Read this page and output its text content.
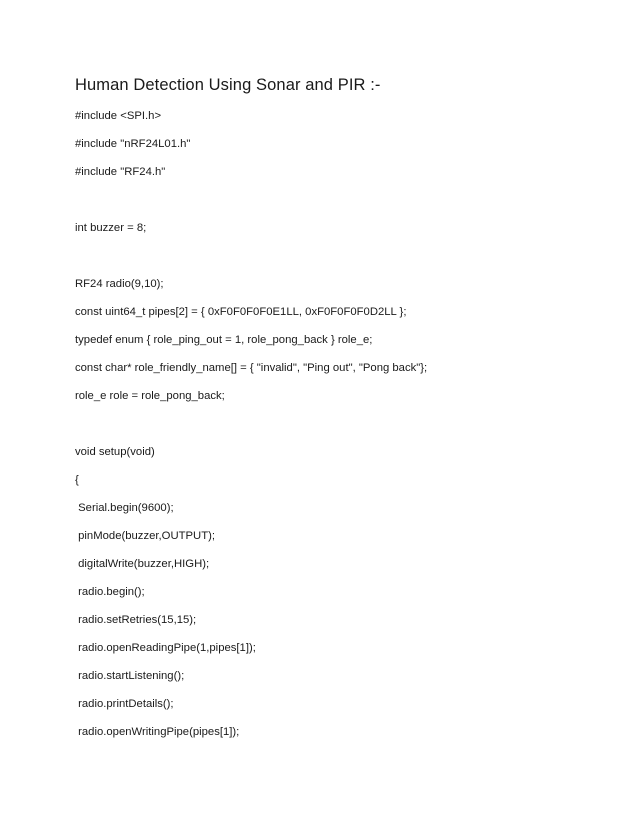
Human Detection Using Sonar and PIR :-
#include <SPI.h>
#include "nRF24L01.h"
#include "RF24.h"
int buzzer = 8;
RF24 radio(9,10);
const uint64_t pipes[2] = { 0xF0F0F0F0E1LL, 0xF0F0F0F0D2LL };
typedef enum { role_ping_out = 1, role_pong_back } role_e;
const char* role_friendly_name[] = { "invalid", "Ping out", "Pong back"};
role_e role = role_pong_back;
void setup(void)
{
Serial.begin(9600);
pinMode(buzzer,OUTPUT);
digitalWrite(buzzer,HIGH);
radio.begin();
radio.setRetries(15,15);
radio.openReadingPipe(1,pipes[1]);
radio.startListening();
radio.printDetails();
radio.openWritingPipe(pipes[1]);
